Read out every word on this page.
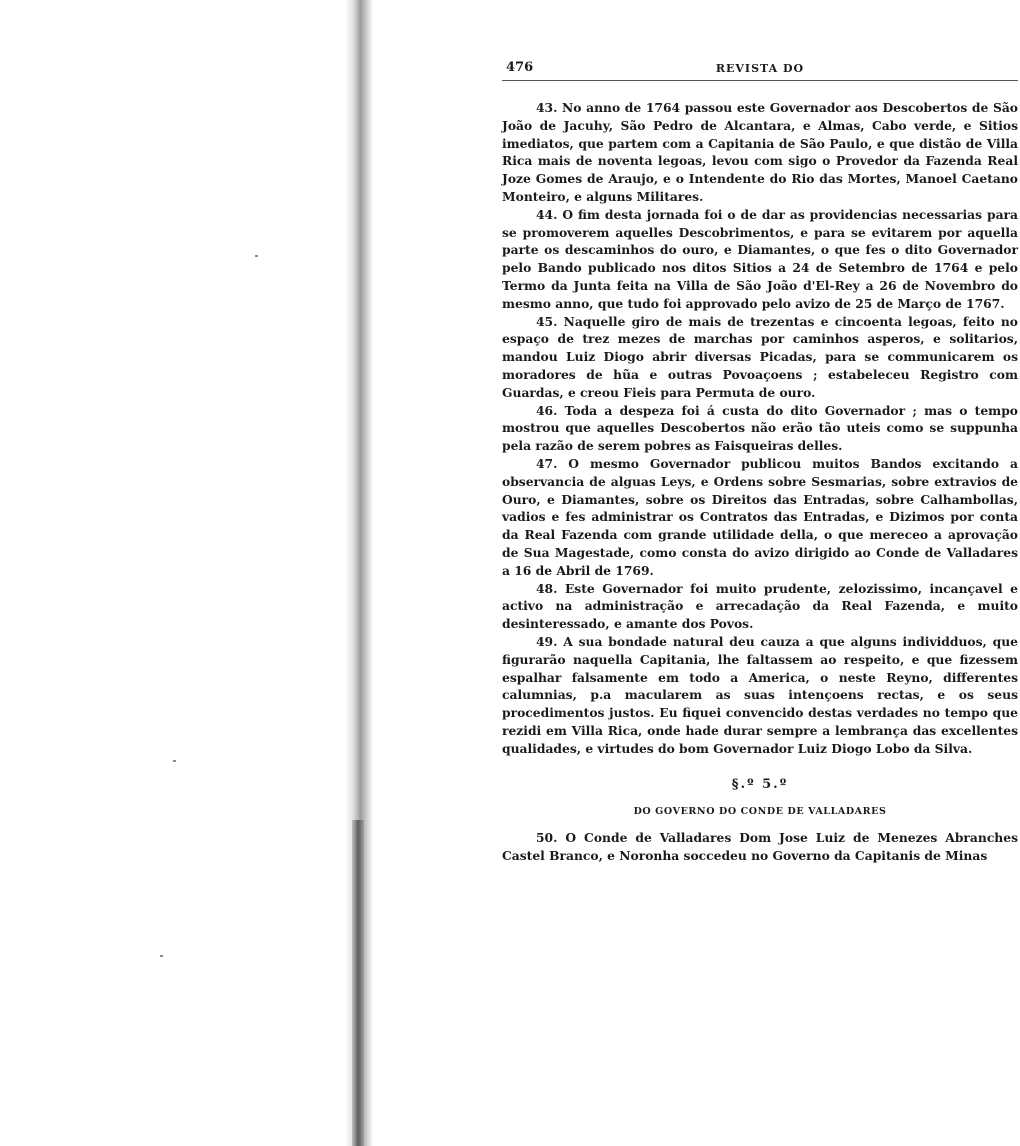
476	REVISTA DO

43. No anno de 1764 passou este Governador aos Descobertos de São João de Jacuhy, São Pedro de Alcantara, e Almas, Cabo verde, e Sitios imediatos, que partem com a Capitania de São Paulo, e que distão de Villa Rica mais de noventa legoas, levou com sigo o Provedor da Fazenda Real Joze Gomes de Araujo, e o Intendente do Rio das Mortes, Manoel Caetano Monteiro, e alguns Militares.

44. O fim desta jornada foi o de dar as providencias necessarias para se promoverem aquelles Descobrimentos, e para se evitarem por aquella parte os descaminhos do ouro, e Diamantes, o que fes o dito Governador pelo Bando publicado nos ditos Sitios a 24 de Setembro de 1764 e pelo Termo da Junta feita na Villa de São João d'El-Rey a 26 de Novembro do mesmo anno, que tudo foi approvado pelo avizo de 25 de Março de 1767.

45. Naquelle giro de mais de trezentas e cincoenta legoas, feito no espaço de trez mezes de marchas por caminhos asperos, e solitarios, mandou Luiz Diogo abrir diversas Picadas, para se communicarem os moradores de hũa e outras Povoaçoens ; estabeleceu Registro com Guardas, e creou Fieis para Permuta de ouro.

46. Toda a despeza foi á custa do dito Governador ; mas o tempo mostrou que aquelles Descobertos não erão tão uteis como se suppunha pela razão de serem pobres as Faisqueiras delles.

47. O mesmo Governador publicou muitos Bandos excitando a observancia de alguas Leys, e Ordens sobre Sesmarias, sobre extravios de Ouro, e Diamantes, sobre os Direitos das Entradas, sobre Calhambollas, vadios e fes administrar os Contratos das Entradas, e Dizimos por conta da Real Fazenda com grande utilidade della, o que mereceo a aprovação de Sua Magestade, como consta do avizo dirigido ao Conde de Valladares a 16 de Abril de 1769.

48. Este Governador foi muito prudente, zelozissimo, incançavel e activo na administração e arrecadação da Real Fazenda, e muito desinteressado, e amante dos Povos.

49. A sua bondade natural deu cauza a que alguns individduos, que figurarão naquella Capitania, lhe faltassem ao respeito, e que fizessem espalhar falsamente em todo a America, o neste Reyno, differentes calumnias, p.a macularem as suas intençoens rectas, e os seus procedimentos justos. Eu fiquei convencido destas verdades no tempo que rezidi em Villa Rica, onde hade durar sempre a lembrança das excellentes qualidades, e virtudes do bom Governador Luiz Diogo Lobo da Silva.

§.º 5.º
DO GOVERNO DO CONDE DE VALLADARES

50. O Conde de Valladares Dom Jose Luiz de Menezes Abranches Castel Branco, e Noronha soccedeu no Governo da Capitanis de Minas
